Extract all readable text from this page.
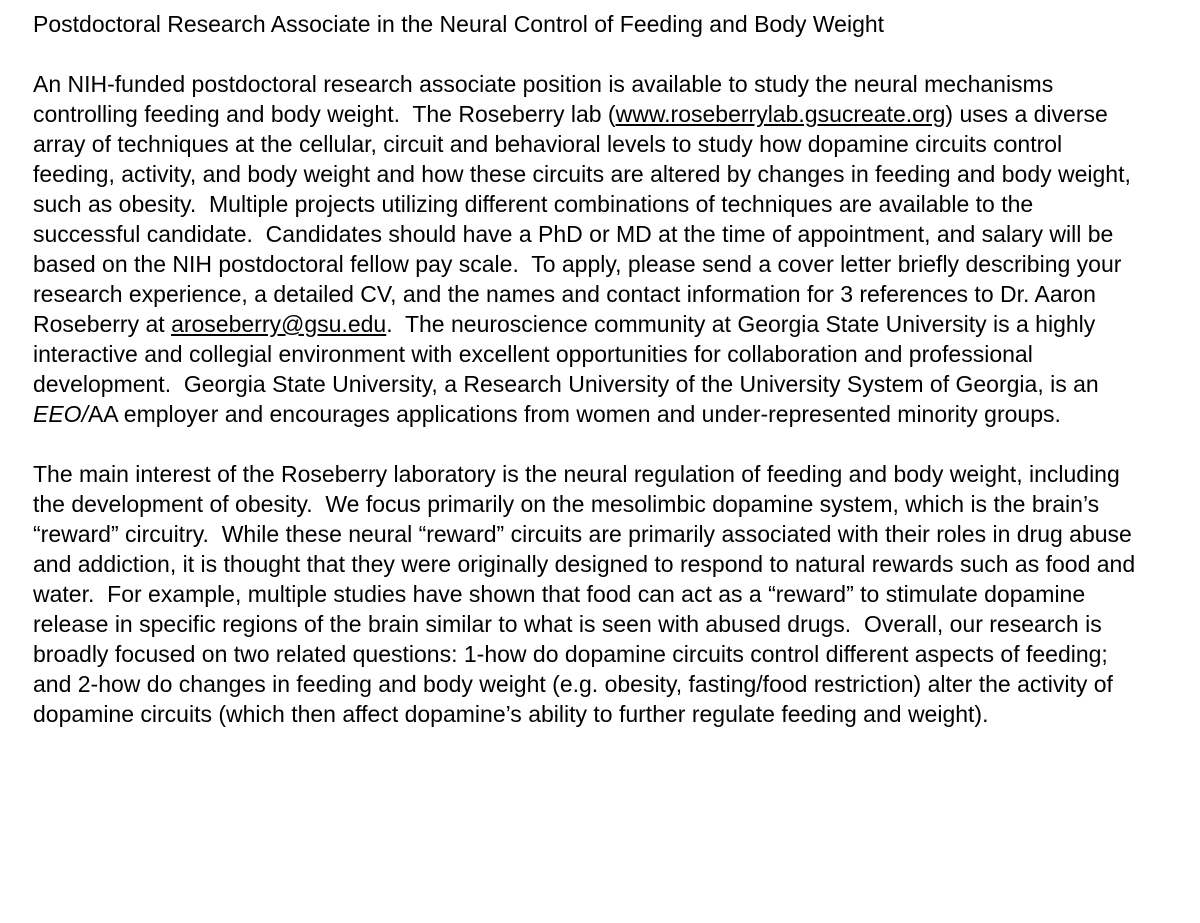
Postdoctoral Research Associate in the Neural Control of Feeding and Body Weight

An NIH-funded postdoctoral research associate position is available to study the neural mechanisms controlling feeding and body weight.  The Roseberry lab (www.roseberrylab.gsucreate.org) uses a diverse array of techniques at the cellular, circuit and behavioral levels to study how dopamine circuits control feeding, activity, and body weight and how these circuits are altered by changes in feeding and body weight, such as obesity.  Multiple projects utilizing different combinations of techniques are available to the successful candidate.  Candidates should have a PhD or MD at the time of appointment, and salary will be based on the NIH postdoctoral fellow pay scale.  To apply, please send a cover letter briefly describing your research experience, a detailed CV, and the names and contact information for 3 references to Dr. Aaron Roseberry at aroseberry@gsu.edu.  The neuroscience community at Georgia State University is a highly interactive and collegial environment with excellent opportunities for collaboration and professional development.  Georgia State University, a Research University of the University System of Georgia, is an EEO/AA employer and encourages applications from women and under-represented minority groups.

The main interest of the Roseberry laboratory is the neural regulation of feeding and body weight, including the development of obesity.  We focus primarily on the mesolimbic dopamine system, which is the brain’s “reward” circuitry.  While these neural “reward” circuits are primarily associated with their roles in drug abuse and addiction, it is thought that they were originally designed to respond to natural rewards such as food and water.  For example, multiple studies have shown that food can act as a “reward” to stimulate dopamine release in specific regions of the brain similar to what is seen with abused drugs.  Overall, our research is broadly focused on two related questions: 1-how do dopamine circuits control different aspects of feeding; and 2-how do changes in feeding and body weight (e.g. obesity, fasting/food restriction) alter the activity of dopamine circuits (which then affect dopamine’s ability to further regulate feeding and weight).
